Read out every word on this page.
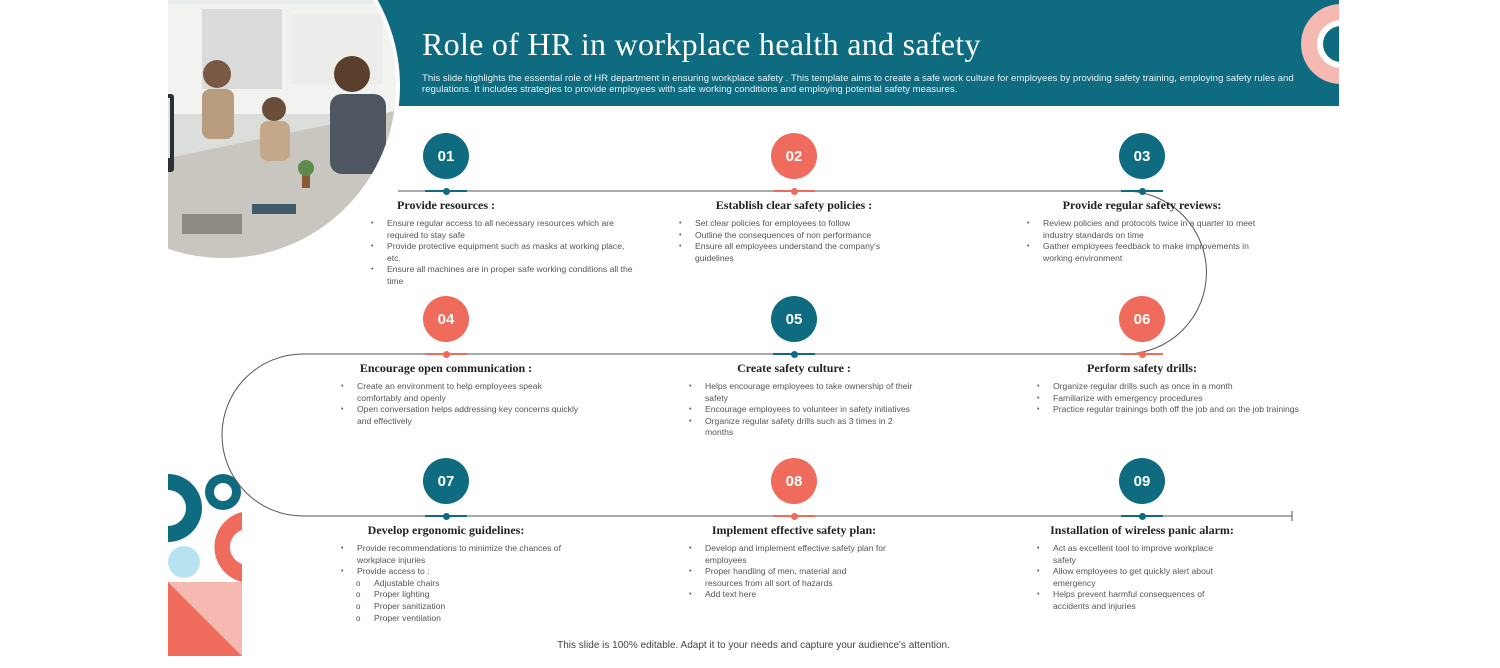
Role of HR in workplace health and safety
This slide highlights the essential role of HR department in ensuring workplace safety . This template aims to create a safe work culture for employees by providing safety training, employing safety rules and regulations. It includes strategies to provide employees with safe working conditions and employing potential safety measures.
01
Provide resources :
• Ensure regular access to all necessary resources which are required to stay safe
• Provide protective equipment such as masks at working place, etc.
• Ensure all machines are in proper safe working conditions all the time
02
Establish clear safety policies :
• Set clear policies for employees to follow
• Outline the consequences of non performance
• Ensure all employees understand the company's guidelines
03
Provide regular safety reviews:
• Review policies and protocols twice in a quarter to meet industry standards on time
• Gather employees feedback to make improvements in working environment
04
Encourage open communication :
• Create an environment to help employees speak comfortably and openly
• Open conversation helps addressing key concerns quickly and effectively
05
Create safety culture :
• Helps encourage employees to take ownership of their safety
• Encourage employees to volunteer in safety initiatives
• Organize regular safety drills such as 3 times in 2 months
06
Perform safety drills:
• Organize regular drills such as once in a month
• Familiarize with emergency procedures
• Practice regular trainings both off the job and on the job trainings
07
Develop ergonomic guidelines:
• Provide recommendations to minimize the chances of workplace injuries
• Provide access to :
o Adjustable chairs
o Proper lighting
o Proper sanitization
o Proper ventilation
08
Implement effective safety plan:
• Develop and implement effective safety plan for employees
• Proper handling of men, material and resources from all sort of hazards
• Add text here
09
Installation of wireless panic alarm:
• Act as excellent tool to improve workplace safety
• Allow employees to get quickly alert about emergency
• Helps prevent harmful consequences of accidents and injuries
This slide is 100% editable. Adapt it to your needs and capture your audience's attention.
